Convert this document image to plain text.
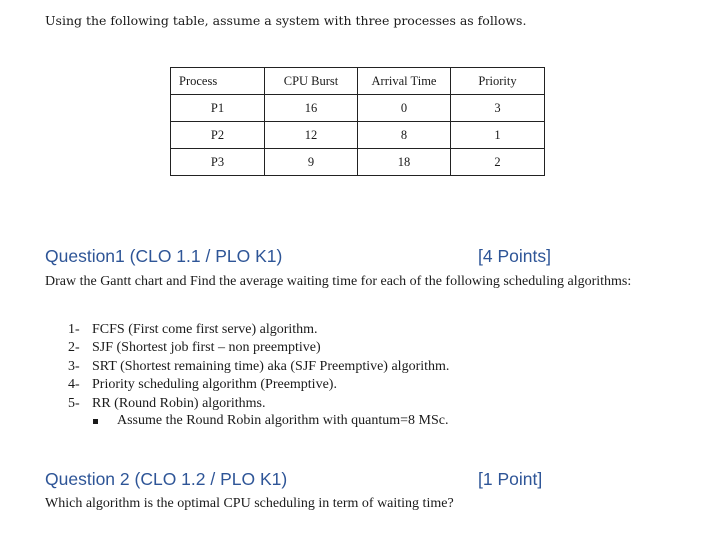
Using the following table, assume a system with three processes as follows.
Process	CPU Burst	Arrival Time	Priority
P1	16	0	3
P2	12	8	1
P3	9	18	2
Question1 (CLO 1.1 / PLO K1)	[4 Points]
Draw the Gantt chart and Find the average waiting time for each of the following scheduling algorithms:
1- FCFS (First come first serve) algorithm.
2- SJF (Shortest job first – non preemptive)
3- SRT (Shortest remaining time) aka (SJF Preemptive) algorithm.
4- Priority scheduling algorithm (Preemptive).
5- RR (Round Robin) algorithms.
Assume the Round Robin algorithm with quantum=8 MSc.
Question 2 (CLO 1.2 / PLO K1)	[1 Point]
Which algorithm is the optimal CPU scheduling in term of waiting time?
